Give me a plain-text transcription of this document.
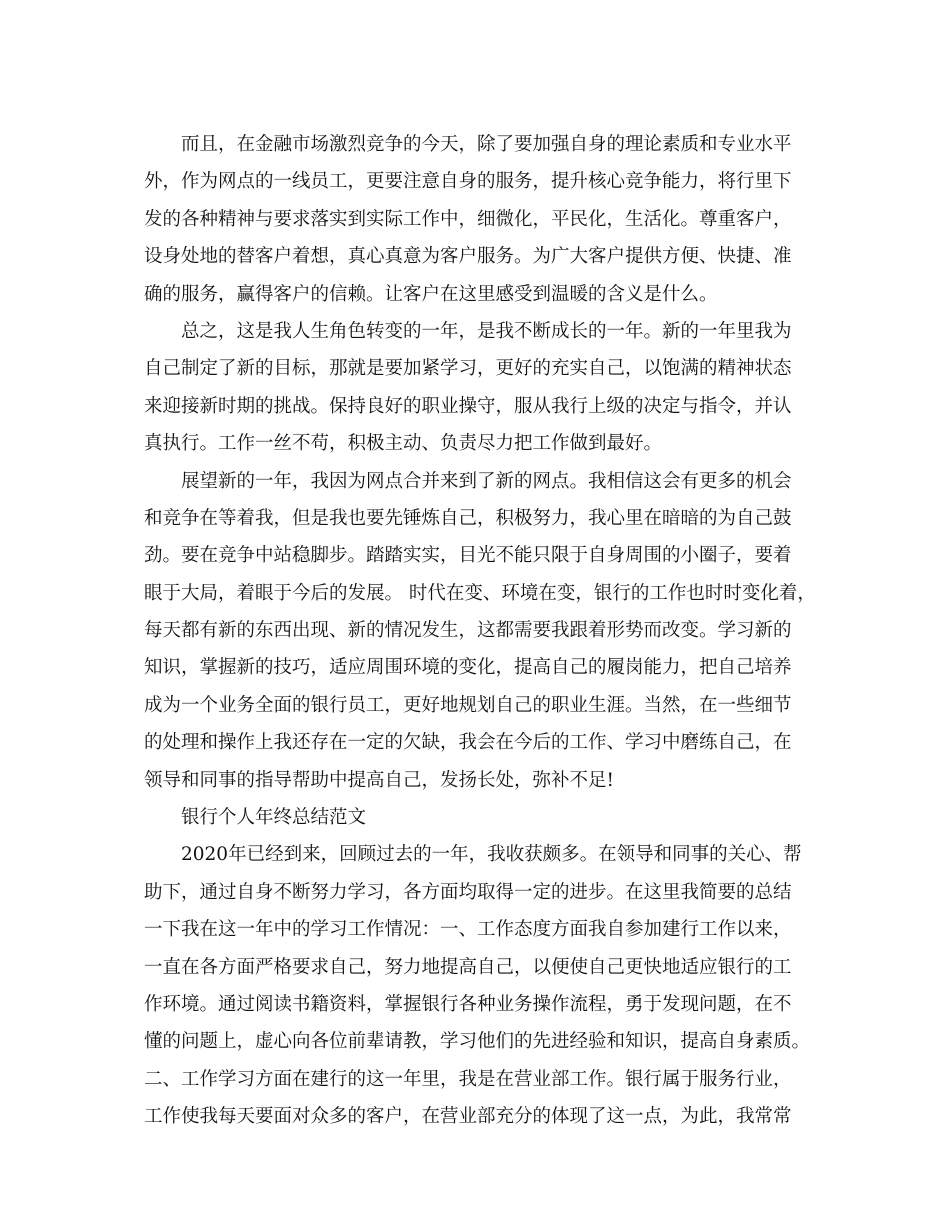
而且，在金融市场激烈竞争的今天，除了要加强自身的理论素质和专业水平
外，作为网点的一线员工，更要注意自身的服务，提升核心竞争能力，将行里下
发的各种精神与要求落实到实际工作中，细微化，平民化，生活化。尊重客户，
设身处地的替客户着想，真心真意为客户服务。为广大客户提供方便、快捷、准
确的服务，赢得客户的信赖。让客户在这里感受到温暖的含义是什么。
总之，这是我人生角色转变的一年，是我不断成长的一年。新的一年里我为
自己制定了新的目标，那就是要加紧学习，更好的充实自己，以饱满的精神状态
来迎接新时期的挑战。保持良好的职业操守，服从我行上级的决定与指令，并认
真执行。工作一丝不苟，积极主动、负责尽力把工作做到最好。
展望新的一年，我因为网点合并来到了新的网点。我相信这会有更多的机会
和竞争在等着我，但是我也要先锤炼自己，积极努力，我心里在暗暗的为自己鼓
劲。要在竞争中站稳脚步。踏踏实实，目光不能只限于自身周围的小圈子，要着
眼于大局，着眼于今后的发展。 时代在变、环境在变，银行的工作也时时变化着，
每天都有新的东西出现、新的情况发生，这都需要我跟着形势而改变。学习新的
知识，掌握新的技巧，适应周围环境的变化，提高自己的履岗能力，把自己培养
成为一个业务全面的银行员工，更好地规划自己的职业生涯。当然，在一些细节
的处理和操作上我还存在一定的欠缺，我会在今后的工作、学习中磨练自己，在
领导和同事的指导帮助中提高自己，发扬长处，弥补不足!
银行个人年终总结范文
2020年已经到来，回顾过去的一年，我收获颇多。在领导和同事的关心、帮
助下，通过自身不断努力学习，各方面均取得一定的进步。在这里我简要的总结
一下我在这一年中的学习工作情况：一、工作态度方面我自参加建行工作以来，
一直在各方面严格要求自己，努力地提高自己，以便使自己更快地适应银行的工
作环境。通过阅读书籍资料，掌握银行各种业务操作流程，勇于发现问题，在不
懂的问题上，虚心向各位前辈请教，学习他们的先进经验和知识，提高自身素质。
二、工作学习方面在建行的这一年里，我是在营业部工作。银行属于服务行业，
工作使我每天要面对众多的客户，在营业部充分的体现了这一点，为此，我常常
